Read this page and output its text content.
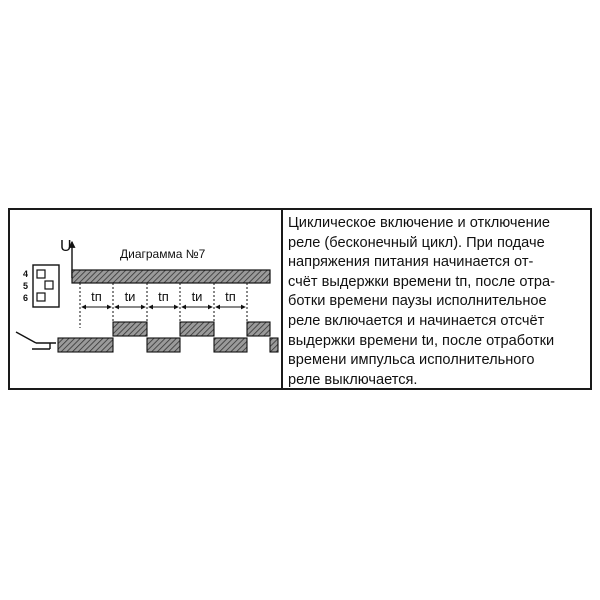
U	Диаграмма №7
4
5
6	tп tи tп tи tп

Циклическое включение и отключение
реле (бесконечный цикл). При подаче
напряжения питания начинается от-
счёт выдержки времени tп, после отра-
ботки времени паузы исполнительное
реле включается и начинается отсчёт
выдержки времени tи, после отработки
времени импульса исполнительного
реле выключается.
